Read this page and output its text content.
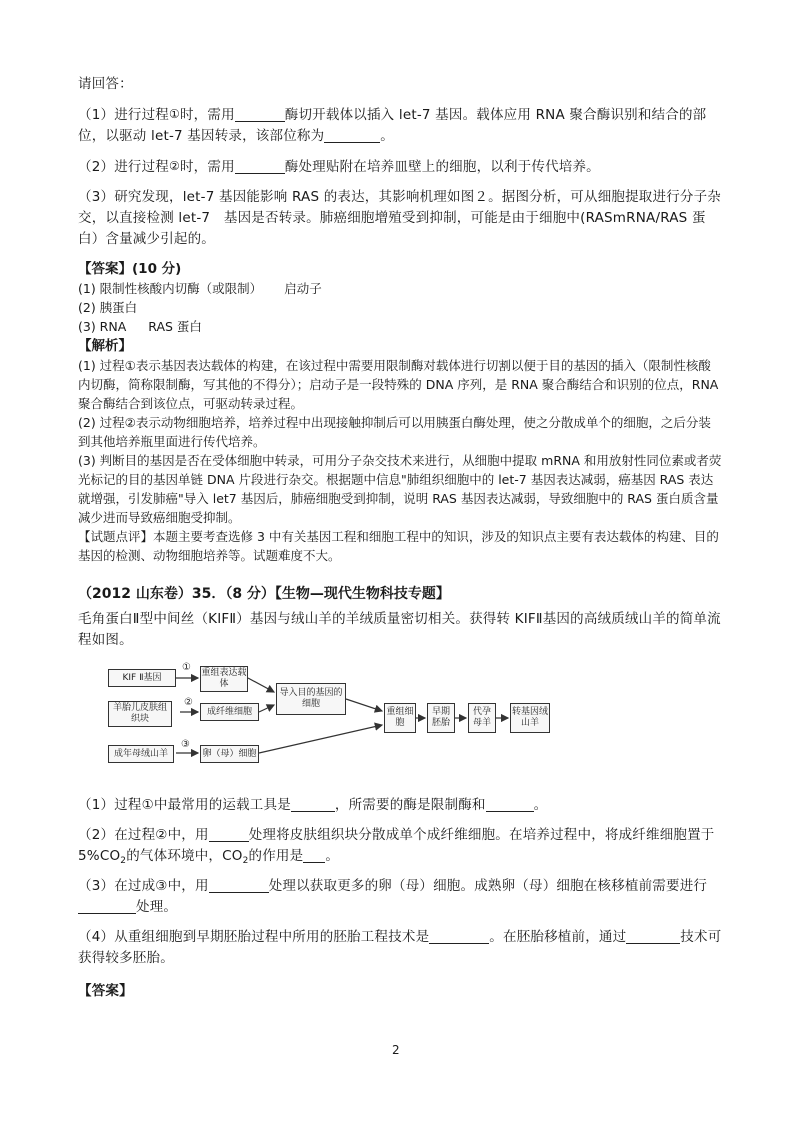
请回答：

（1）进行过程①时，需用	酶切开载体以插入 let-7 基因。载体应用 RNA 聚合酶识别和结合的部位，以驱动 let-7 基因转录，该部位称为	。

（2）进行过程②时，需用	酶处理贴附在培养皿壁上的细胞，以利于传代培养。

（3）研究发现，let-7 基因能影响 RAS 的表达，其影响机理如图２。据图分析，可从细胞提取进行分子杂交，以直接检测 let-7　基因是否转录。肺癌细胞增殖受到抑制，可能是由于细胞中(RASmRNA/RAS 蛋白）含量减少引起的。

【答案】(10 分)

(1) 限制性核酸内切酶（或限制） 启动子

(2) 胰蛋白

(3) RNA RAS 蛋白

【解析】

(1) 过程①表示基因表达载体的构建，在该过程中需要用限制酶对载体进行切割以便于目的基因的插入（限制性核酸内切酶，简称限制酶，写其他的不得分）；启动子是一段特殊的 DNA 序列，是 RNA 聚合酶结合和识别的位点，RNA 聚合酶结合到该位点，可驱动转录过程。

(2) 过程②表示动物细胞培养，培养过程中出现接触抑制后可以用胰蛋白酶处理，使之分散成单个的细胞，之后分装到其他培养瓶里面进行传代培养。

(3) 判断目的基因是否在受体细胞中转录，可用分子杂交技术来进行，从细胞中提取 mRNA 和用放射性同位素或者荧光标记的目的基因单链 DNA 片段进行杂交。根据题中信息"肺组织细胞中的 let-7 基因表达减弱，癌基因 RAS 表达就增强，引发肺癌"导入 let7 基因后，肺癌细胞受到抑制，说明 RAS 基因表达减弱，导致细胞中的 RAS 蛋白质含量减少进而导致癌细胞受抑制。

【试题点评】本题主要考查选修 3 中有关基因工程和细胞工程中的知识，涉及的知识点主要有表达载体的构建、目的基因的检测、动物细胞培养等。试题难度不大。

（2012 山东卷）35．（8 分）【生物—现代生物科技专题】

毛角蛋白Ⅱ型中间丝（KIFⅡ）基因与绒山羊的羊绒质量密切相关。获得转 KIFⅡ基因的高绒质绒山羊的简单流程如图。

KIF Ⅱ基因	重组表达载体
羊胎儿皮肤组织块
成纤维细胞
导入目的基因的细胞
重组细胞
早期胚胎
代孕母羊
转基因绒山羊
成年母绒山羊	卵（母）细胞
①
②
③

（1）过程①中最常用的运载工具是	，所需要的酶是限制酶和	。

（2）在过程②中，用	处理将皮肤组织块分散成单个成纤维细胞。在培养过程中，将成纤维细胞置于 $5\%CO_2$的气体环境中，$CO_2$的作用是 。

（3）在过成③中，用	处理以获取更多的卵（母）细胞。成熟卵（母）细胞在核移植前需要进行处理。

（4）从重组细胞到早期胚胎过程中所用的胚胎工程技术是	。在胚胎移植前，通过	技术可获得较多胚胎。

【答案】

2
